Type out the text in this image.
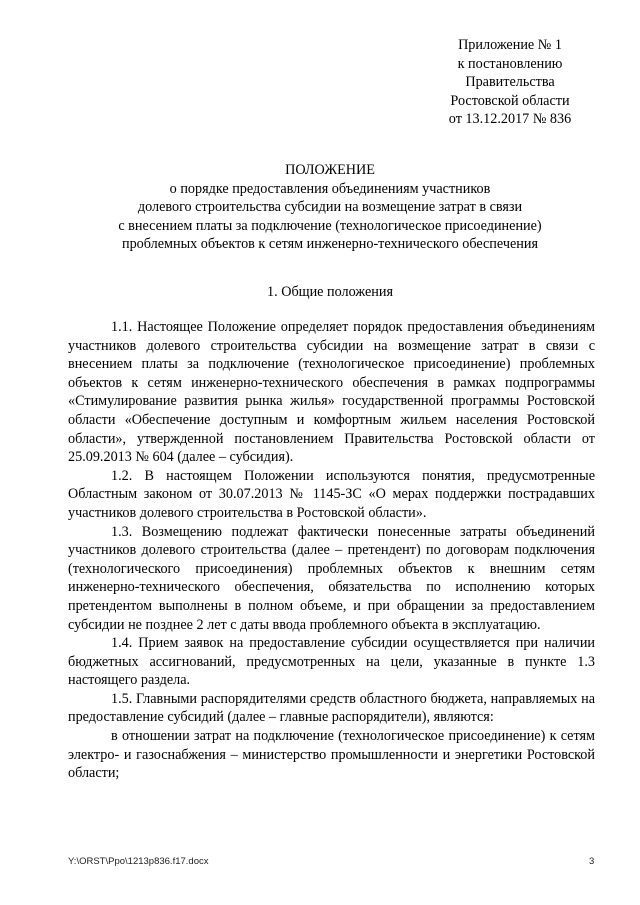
Приложение № 1
к постановлению
Правительства
Ростовской области
от 13.12.2017 № 836
ПОЛОЖЕНИЕ
о порядке предоставления объединениям участников
долевого строительства субсидии на возмещение затрат в связи
с внесением платы за подключение (технологическое присоединение)
проблемных объектов к сетям инженерно-технического обеспечения
1. Общие положения

1.1. Настоящее Положение определяет порядок предоставления объединениям участников долевого строительства субсидии на возмещение затрат в связи с внесением платы за подключение (технологическое присоединение) проблемных объектов к сетям инженерно-технического обеспечения в рамках подпрограммы «Стимулирование развития рынка жилья» государственной программы Ростовской области «Обеспечение доступным и комфортным жильем населения Ростовской области», утвержденной постановлением Правительства Ростовской области от 25.09.2013 № 604 (далее – субсидия).

1.2. В настоящем Положении используются понятия, предусмотренные Областным законом от 30.07.2013 № 1145-ЗС «О мерах поддержки пострадавших участников долевого строительства в Ростовской области».

1.3. Возмещению подлежат фактически понесенные затраты объединений участников долевого строительства (далее – претендент) по договорам подключения (технологического присоединения) проблемных объектов к внешним сетям инженерно-технического обеспечения, обязательства по исполнению которых претендентом выполнены в полном объеме, и при обращении за предоставлением субсидии не позднее 2 лет с даты ввода проблемного объекта в эксплуатацию.

1.4. Прием заявок на предоставление субсидии осуществляется при наличии бюджетных ассигнований, предусмотренных на цели, указанные в пункте 1.3 настоящего раздела.

1.5. Главными распорядителями средств областного бюджета, направляемых на предоставление субсидий (далее – главные распорядители), являются:

в отношении затрат на подключение (технологическое присоединение) к сетям электро- и газоснабжения – министерство промышленности и энергетики Ростовской области;

Y:\ORST\Ppo\1213p836.f17.docx	3
